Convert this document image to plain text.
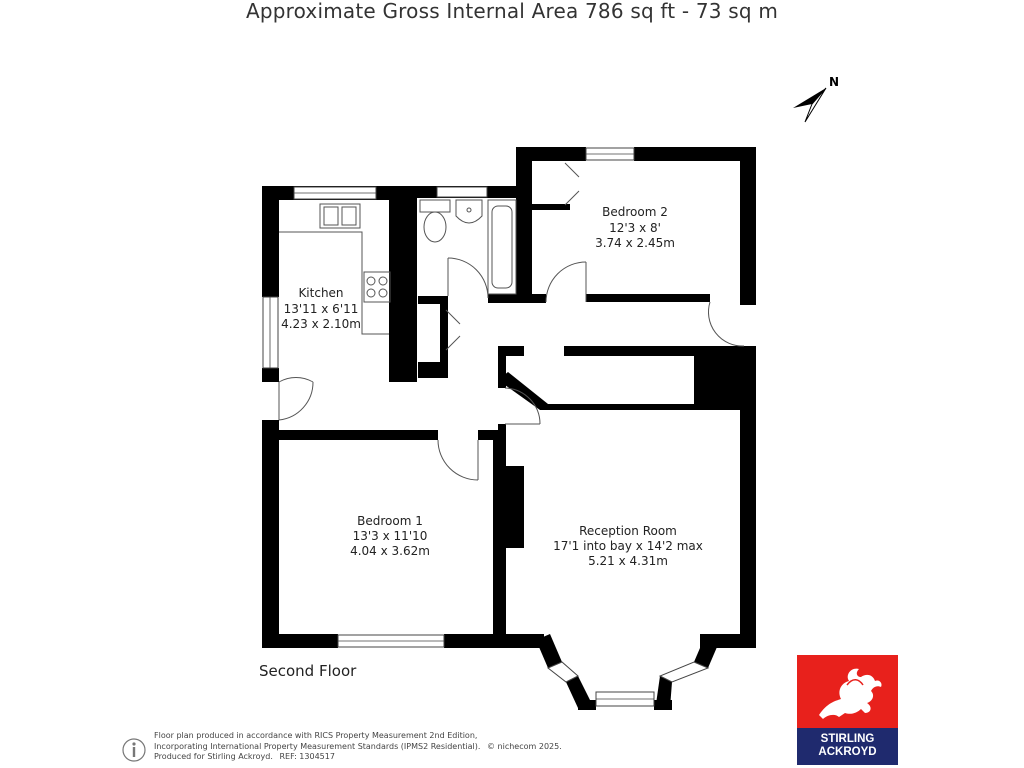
Approximate Gross Internal Area 786 sq ft - 73 sq m
Kitchen
13'11 x 6'11
4.23 x 2.10m
Bedroom 2
12'3 x 8'
3.74 x 2.45m
Bedroom 1
13'3 x 11'10
4.04 x 3.62m
Reception Room
17'1 into bay x 14'2 max
5.21 x 4.31m
N
Second Floor
Floor plan produced in accordance with RICS Property Measurement 2nd Edition,
Incorporating International Property Measurement Standards (IPMS2 Residential). © nichecom 2025.
Produced for Stirling Ackroyd. REF: 1304517
STIRLING
ACKROYD
